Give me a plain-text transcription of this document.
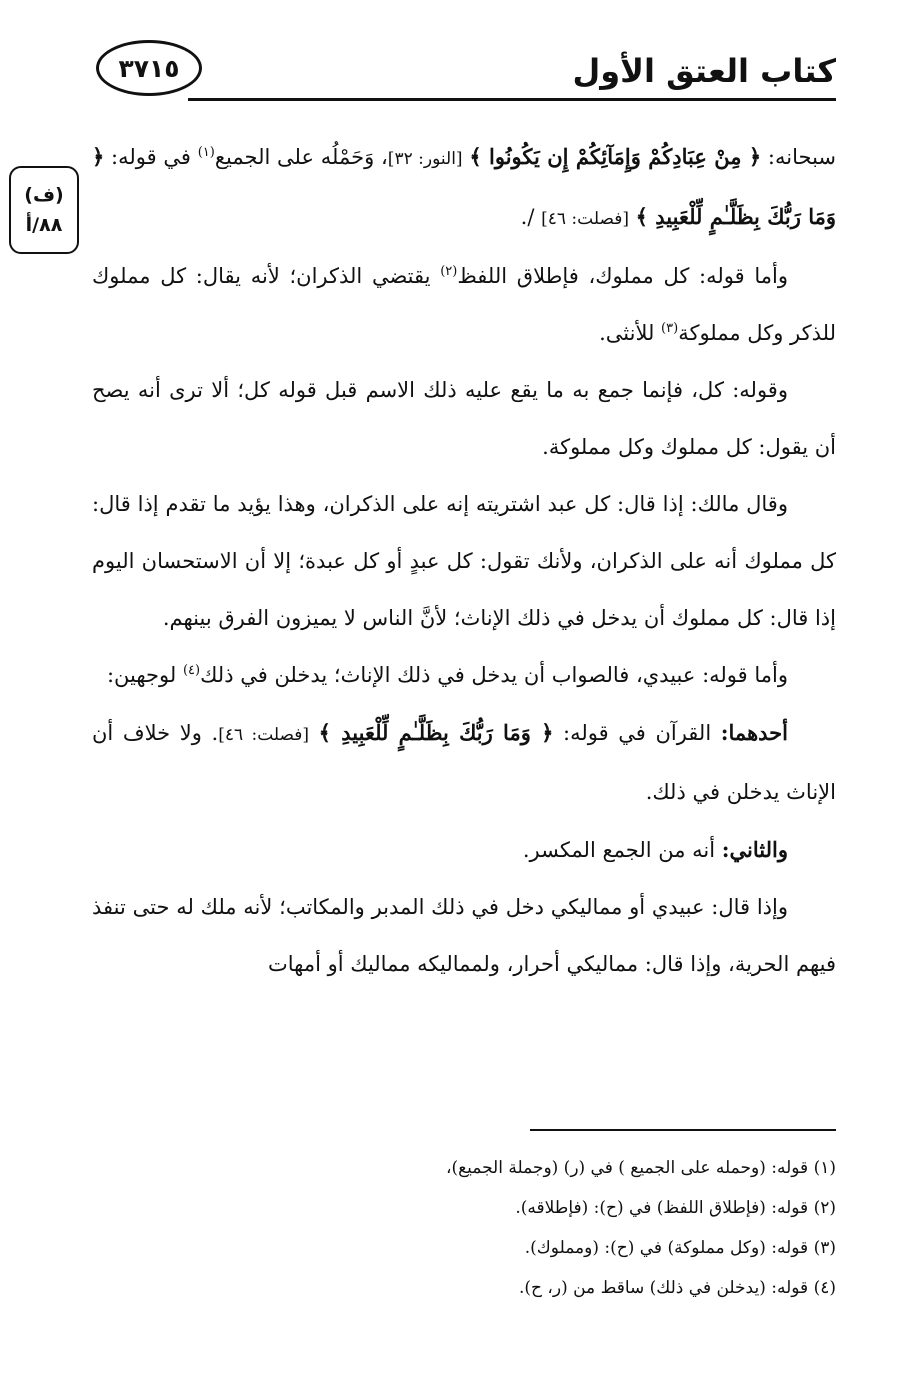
٣٧١٥	كتاب العتق الأول
(ف)
٨٨/أ

سبحانه: ﴿ مِنْ عِبَادِكُمْ وَإِمَآئِكُمْ إِن يَكُونُوا ﴾ [النور: ٣٢]، وَحَمْلُه على الجميع$^{(١)}$ في قوله: ﴿ وَمَا رَبُّكَ بِظَلَّـٰمٍ لِّلْعَبِيدِ ﴾ [فصلت: ٤٦] /.

وأما قوله: كل مملوك، فإطلاق اللفظ$^{(٢)}$ يقتضي الذكران؛ لأنه يقال: كل مملوك للذكر وكل مملوكة$^{(٣)}$ للأنثى.

وقوله: كل، فإنما جمع به ما يقع عليه ذلك الاسم قبل قوله كل؛ ألا ترى أنه يصح أن يقول: كل مملوك وكل مملوكة.

وقال مالك: إذا قال: كل عبد اشتريته إنه على الذكران، وهذا يؤيد ما تقدم إذا قال: كل مملوك أنه على الذكران، ولأنك تقول: كل عبدٍ أو كل عبدة؛ إلا أن الاستحسان اليوم إذا قال: كل مملوك أن يدخل في ذلك الإناث؛ لأنَّ الناس لا يميزون الفرق بينهم.

وأما قوله: عبيدي، فالصواب أن يدخل في ذلك الإناث؛ يدخلن في ذلك$^{(٤)}$ لوجهين:

أحدهما: القرآن في قوله: ﴿ وَمَا رَبُّكَ بِظَلَّـٰمٍ لِّلْعَبِيدِ ﴾ [فصلت: ٤٦]. ولا خلاف أن الإناث يدخلن في ذلك.

والثاني: أنه من الجمع المكسر.

وإذا قال: عبيدي أو مماليكي دخل في ذلك المدبر والمكاتب؛ لأنه ملك له حتى تنفذ فيهم الحرية، وإذا قال: مماليكي أحرار، ولمماليكه مماليك أو أمهات

(١) قوله: (وحمله على الجميع ) في (ر) (وجملة الجميع)،

(٢) قوله: (فإطلاق اللفظ) في (ح): (فإطلاقه).

(٣) قوله: (وكل مملوكة) في (ح): (ومملوك).

(٤) قوله: (يدخلن في ذلك) ساقط من (ر، ح).
